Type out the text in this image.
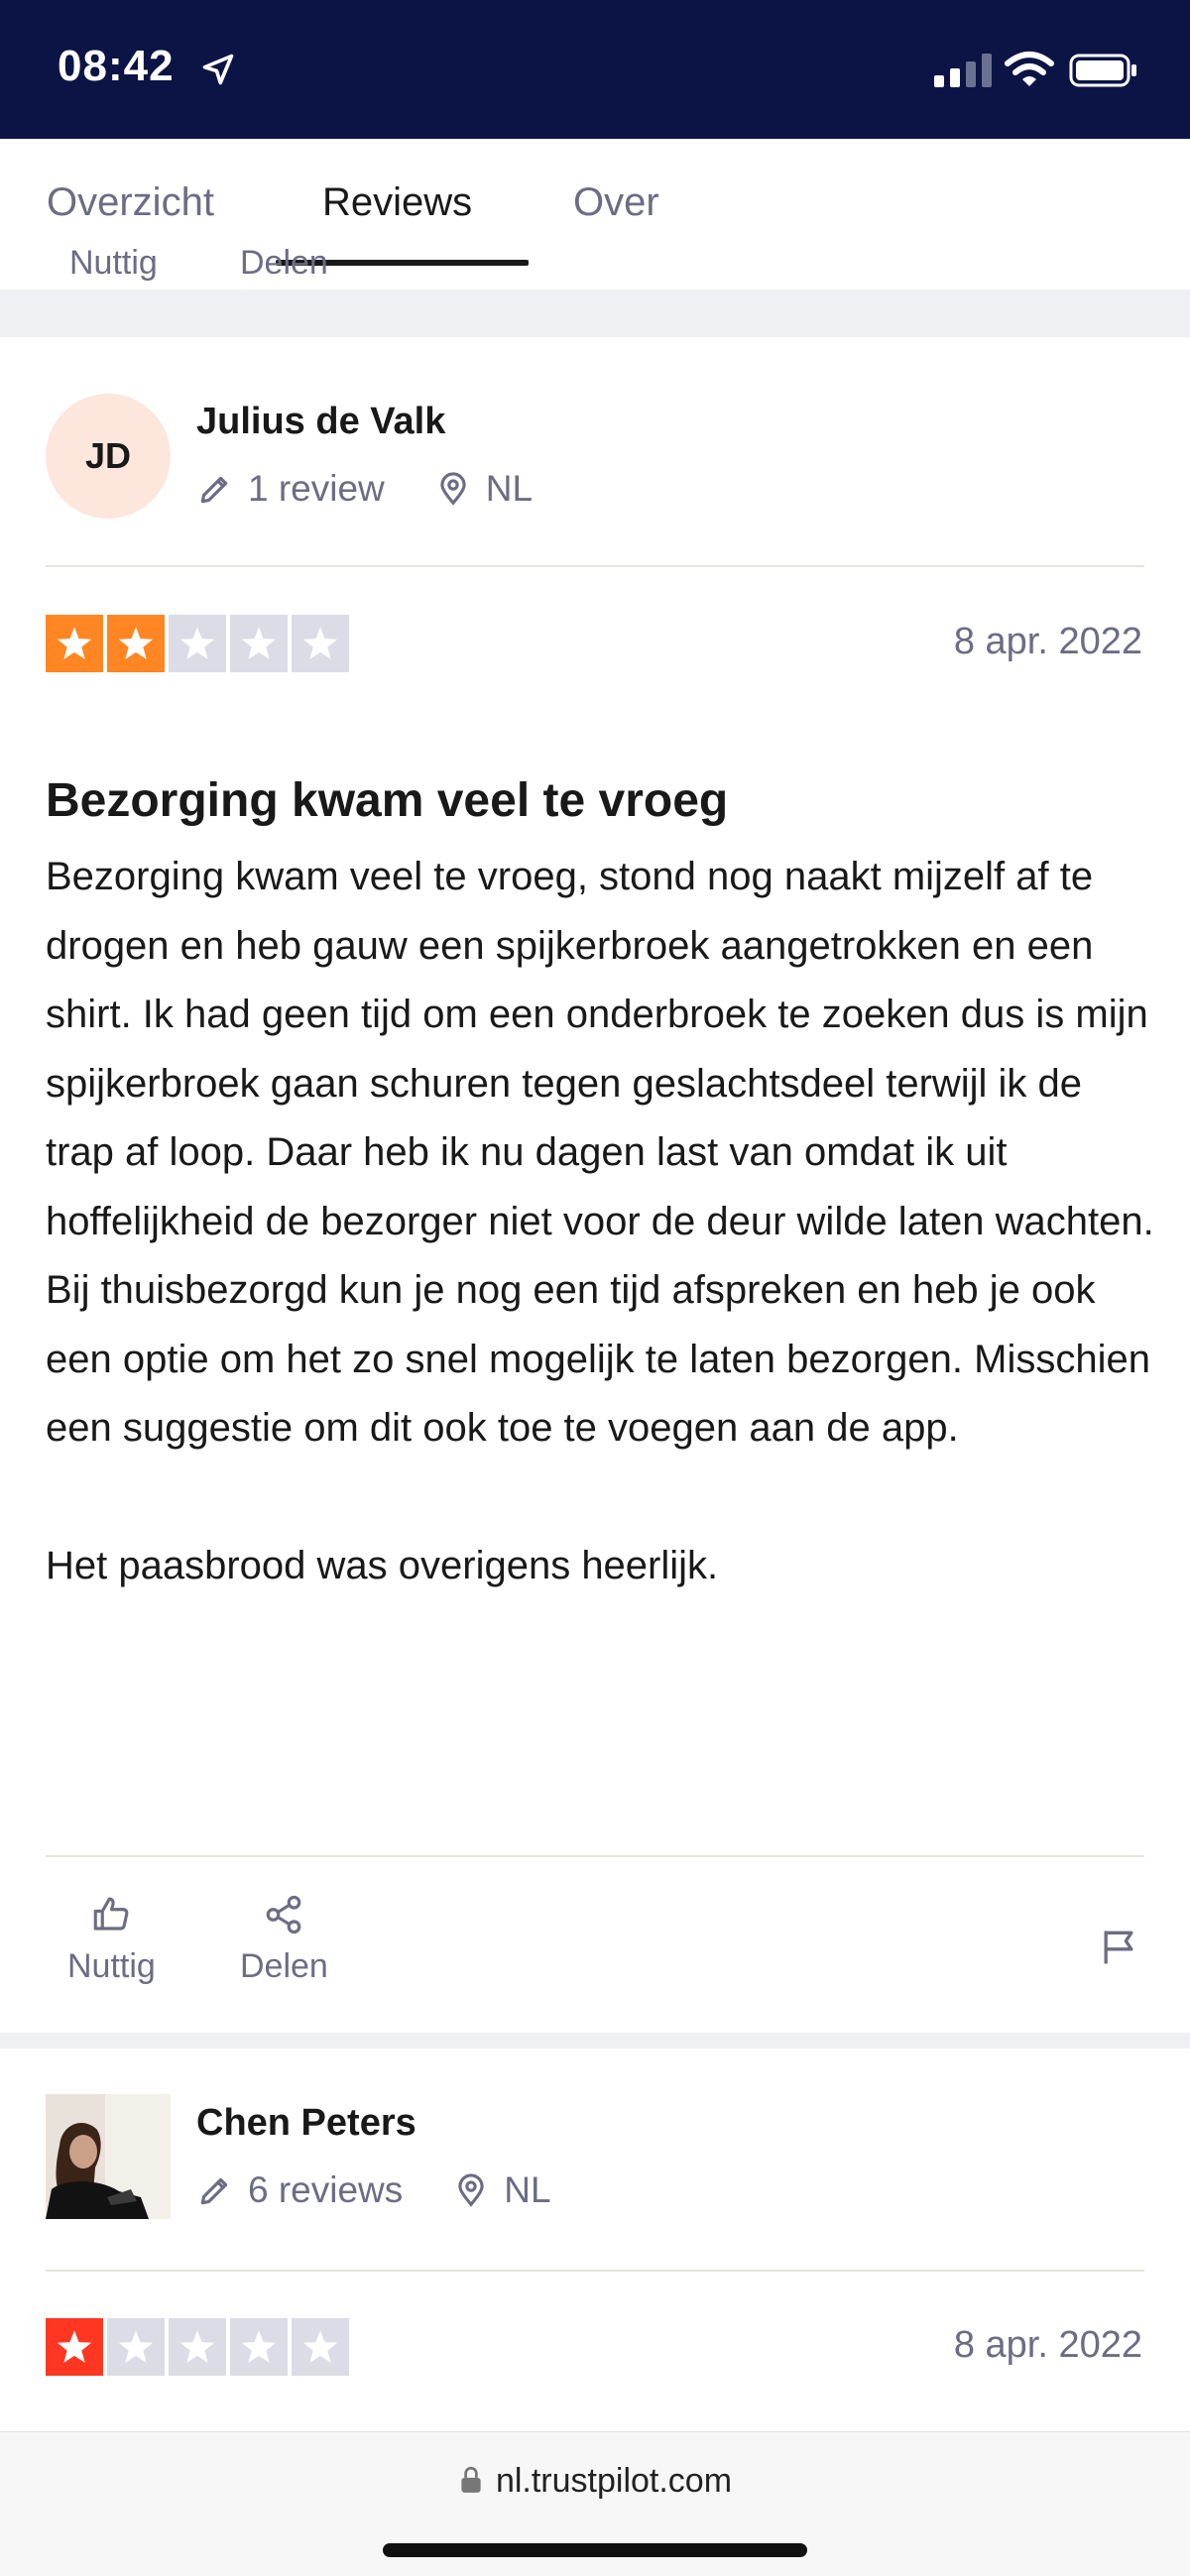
08:42
Overzicht	Reviews	Over
Nuttig Delen
JD
Julius de Valk
1 review	NL
8 apr. 2022
Bezorging kwam veel te vroeg
Bezorging kwam veel te vroeg, stond nog naakt mijzelf af te drogen en heb gauw een spijkerbroek aangetrokken en een shirt. Ik had geen tijd om een onderbroek te zoeken dus is mijn spijkerbroek gaan schuren tegen geslachtsdeel terwijl ik de trap af loop. Daar heb ik nu dagen last van omdat ik uit hoffelijkheid de bezorger niet voor de deur wilde laten wachten. Bij thuisbezorgd kun je nog een tijd afspreken en heb je ook een optie om het zo snel mogelijk te laten bezorgen. Misschien een suggestie om dit ook toe te voegen aan de app.

Het paasbrood was overigens heerlijk.
Nuttig	Delen
Chen Peters
6 reviews	NL
8 apr. 2022
nl.trustpilot.com
